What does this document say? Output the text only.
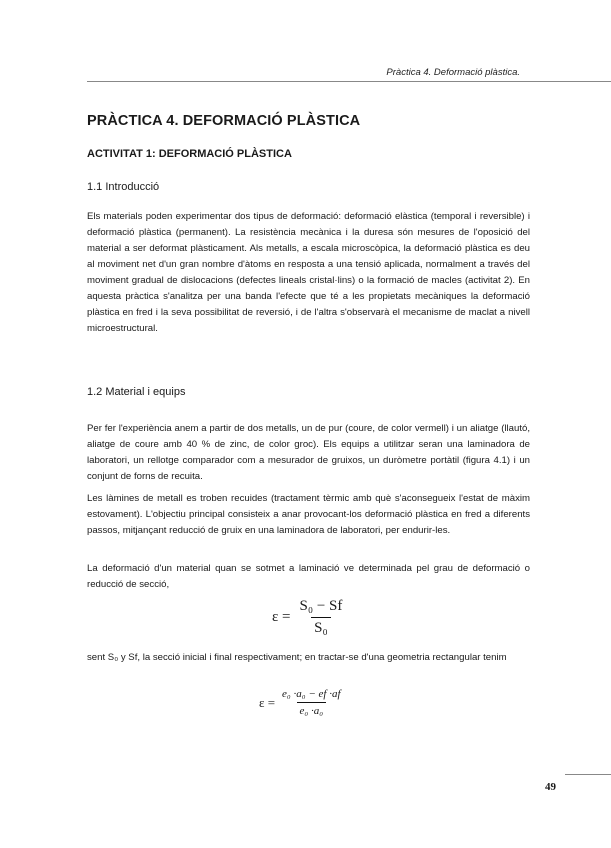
Pràctica 4. Deformació plàstica.
PRÀCTICA 4. DEFORMACIÓ PLÀSTICA
ACTIVITAT 1: DEFORMACIÓ PLÀSTICA
1.1 Introducció

Els materials poden experimentar dos tipus de deformació: deformació elàstica (temporal i reversible) i deformació plàstica (permanent). La resistència mecànica i la duresa són mesures de l'oposició del material a ser deformat plàsticament. Als metalls, a escala microscòpica, la deformació plàstica es deu al moviment net d'un gran nombre d'àtoms en resposta a una tensió aplicada, normalment a través del moviment gradual de dislocacions (defectes lineals cristal·lins) o la formació de macles (activitat 2). En aquesta pràctica s'analitza per una banda l'efecte que té a les propietats mecàniques la deformació plàstica en fred i la seva possibilitat de reversió, i de l'altra s'observarà el mecanisme de maclat a nivell microestructural.

1.2 Material i equips

Per fer l'experiència anem a partir de dos metalls, un de pur (coure, de color vermell) i un aliatge (llautó, aliatge de coure amb 40 % de zinc, de color groc). Els equips a utilitzar seran una laminadora de laboratori, un rellotge comparador com a mesurador de gruixos, un duròmetre portàtil (figura 4.1) i un conjunt de forns de recuita.

Les làmines de metall es troben recuides (tractament tèrmic amb què s'aconsegueix l'estat de màxim estovament). L'objectiu principal consisteix a anar provocant-los deformació plàstica en fred a diferents passos, mitjançant reducció de gruix en una laminadora de laboratori, per endurir-les.

La deformació d'un material quan se sotmet a laminació ve determinada pel grau de deformació o reducció de secció,

$\varepsilon = \frac{\text{S₀ − Sf}}{\text{S₀}}$

sent S₀ y Sf, la secció inicial i final respectivament; en tractar-se d'una geometria rectangular tenim

$\varepsilon = \frac{\text{e₀ ·a₀ − ef ·af}}{\text{e₀ ·a₀}}$
49
